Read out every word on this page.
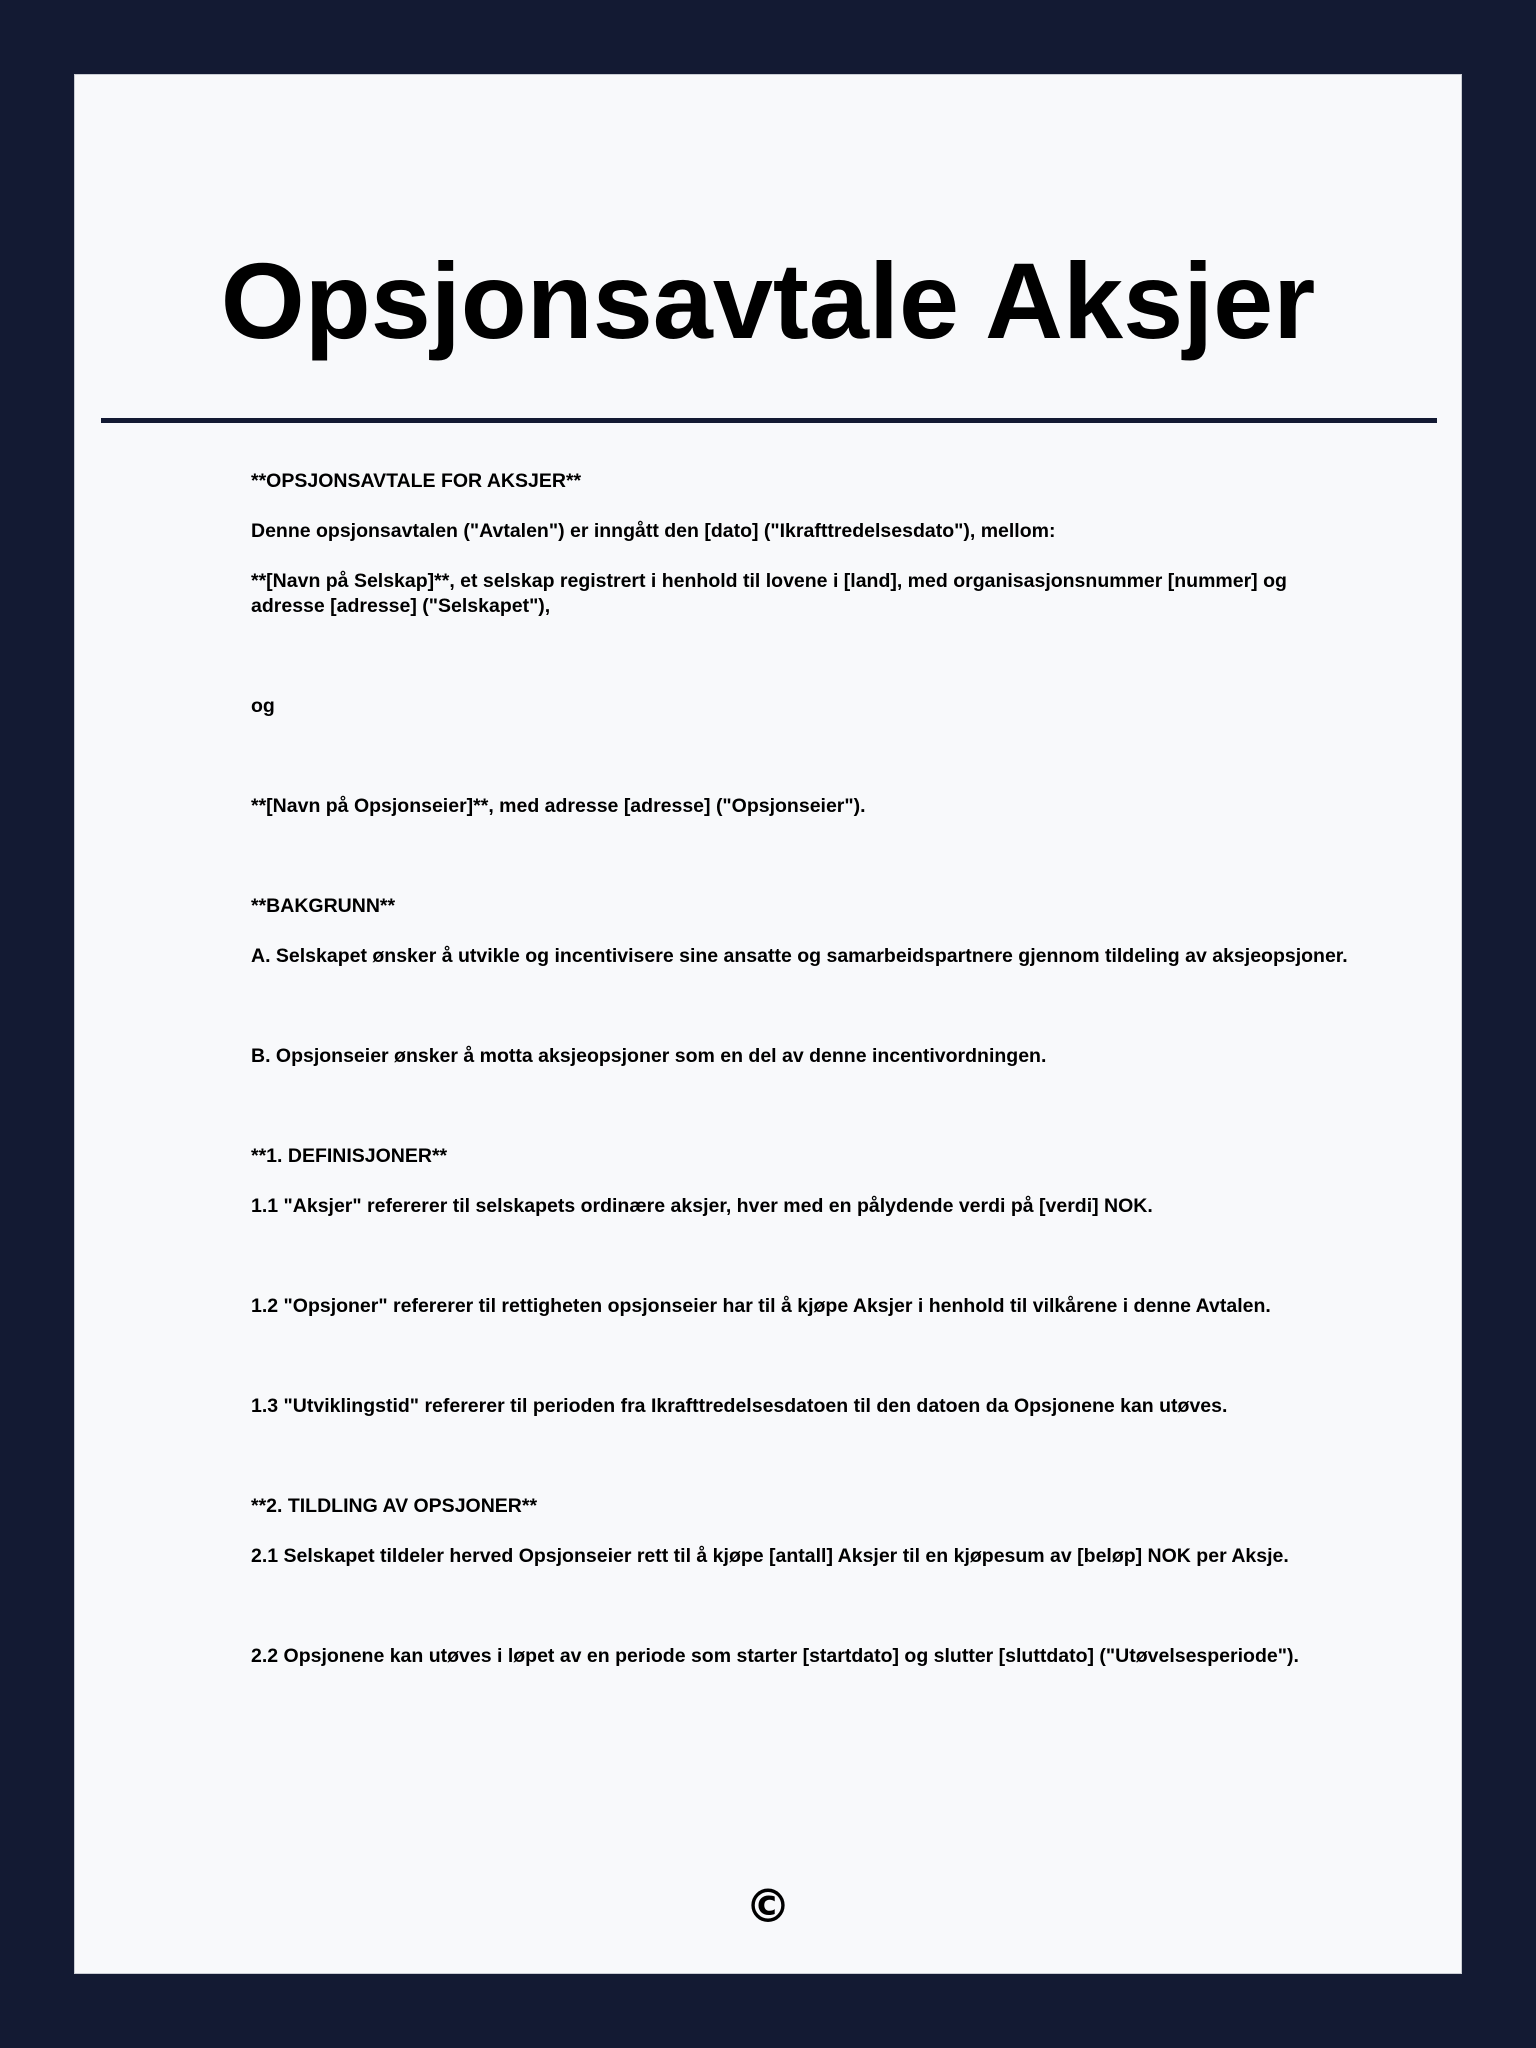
Opsjonsavtale Aksjer

**OPSJONSAVTALE FOR AKSJER**

Denne opsjonsavtalen ("Avtalen") er inngått den [dato] ("Ikrafttredelsesdato"), mellom:

**[Navn på Selskap]**, et selskap registrert i henhold til lovene i [land], med organisasjonsnummer [nummer] og adresse [adresse] ("Selskapet"),

og

**[Navn på Opsjonseier]**, med adresse [adresse] ("Opsjonseier").

**BAKGRUNN**

A. Selskapet ønsker å utvikle og incentivisere sine ansatte og samarbeidspartnere gjennom tildeling av aksjeopsjoner.

B. Opsjonseier ønsker å motta aksjeopsjoner som en del av denne incentivordningen.

**1. DEFINISJONER**

1.1 "Aksjer" refererer til selskapets ordinære aksjer, hver med en pålydende verdi på [verdi] NOK.

1.2 "Opsjoner" refererer til rettigheten opsjonseier har til å kjøpe Aksjer i henhold til vilkårene i denne Avtalen.

1.3 "Utviklingstid" refererer til perioden fra Ikrafttredelsesdatoen til den datoen da Opsjonene kan utøves.

**2. TILDLING AV OPSJONER**

2.1 Selskapet tildeler herved Opsjonseier rett til å kjøpe [antall] Aksjer til en kjøpesum av [beløp] NOK per Aksje.

2.2 Opsjonene kan utøves i løpet av en periode som starter [startdato] og slutter [sluttdato] ("Utøvelsesperiode").

©
